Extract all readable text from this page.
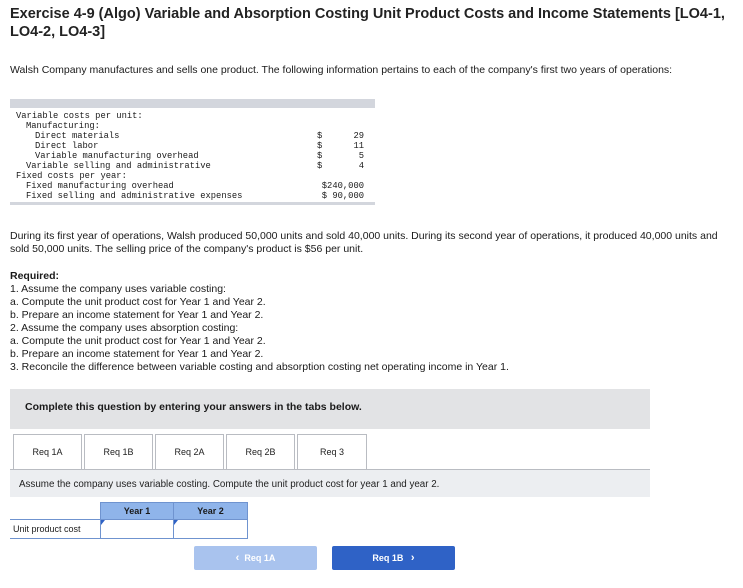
Exercise 4-9 (Algo) Variable and Absorption Costing Unit Product Costs and Income Statements [LO4-1, LO4-2, LO4-3]
Walsh Company manufactures and sells one product. The following information pertains to each of the company's first two years of operations:
Variable costs per unit:
Manufacturing:
Direct materials	$	29
Direct labor	$	11
Variable manufacturing overhead	$	5
Variable selling and administrative	$	4
Fixed costs per year:
Fixed manufacturing overhead	$240,000
Fixed selling and administrative expenses	$ 90,000
During its first year of operations, Walsh produced 50,000 units and sold 40,000 units. During its second year of operations, it produced 40,000 units and sold 50,000 units. The selling price of the company's product is $56 per unit.
Required:
1. Assume the company uses variable costing:
a. Compute the unit product cost for Year 1 and Year 2.
b. Prepare an income statement for Year 1 and Year 2.
2. Assume the company uses absorption costing:
a. Compute the unit product cost for Year 1 and Year 2.
b. Prepare an income statement for Year 1 and Year 2.
3. Reconcile the difference between variable costing and absorption costing net operating income in Year 1.
Complete this question by entering your answers in the tabs below.
Req 1A	Req 1B	Req 2A	Req 2B	Req 3
Assume the company uses variable costing. Compute the unit product cost for year 1 and year 2.
Year 1	Year 2
Unit product cost
‹ Req 1A	Req 1B ›
